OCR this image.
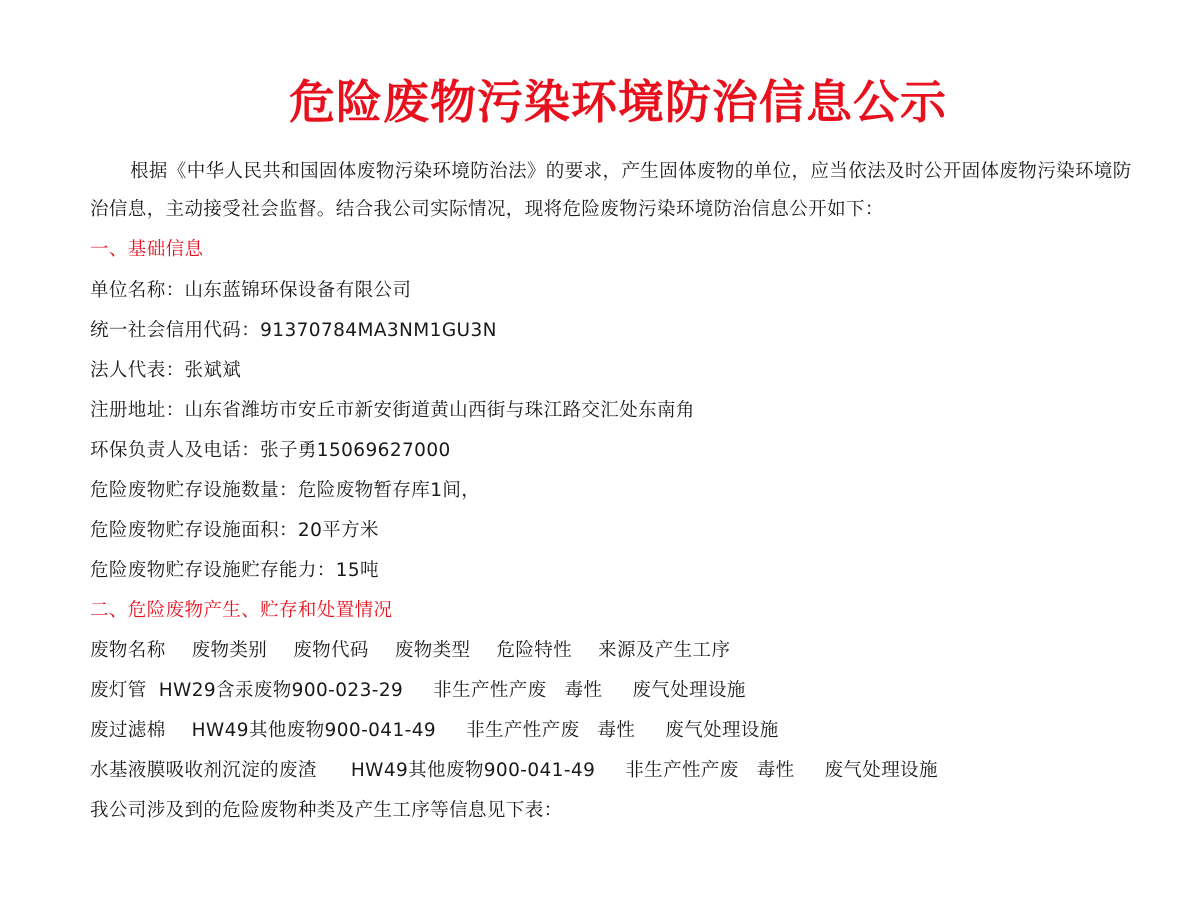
危险废物污染环境防治信息公示
根据《中华人民共和国固体废物污染环境防治法》的要求，产生固体废物的单位，应当依法及时公开固体废物污染环境防治信息，主动接受社会监督。结合我公司实际情况，现将危险废物污染环境防治信息公开如下：
一、基础信息
单位名称：山东蓝锦环保设备有限公司
统一社会信用代码：91370784MA3NM1GU3N
法人代表：张斌斌
注册地址：山东省潍坊市安丘市新安街道黄山西街与珠江路交汇处东南角
环保负责人及电话：张子勇15069627000
危险废物贮存设施数量：危险废物暂存库1间，
危险废物贮存设施面积：20平方米
危险废物贮存设施贮存能力：15吨
二、危险废物产生、贮存和处置情况
废物名称 废物类别 废物代码 废物类型 危险特性 来源及产生工序
废灯管 HW29含汞废物900-023-29 非生产性产废 毒性 废气处理设施
废过滤棉 HW49其他废物900-041-49 非生产性产废 毒性 废气处理设施
水基液膜吸收剂沉淀的废渣 HW49其他废物900-041-49 非生产性产废 毒性 废气处理设施
我公司涉及到的危险废物种类及产生工序等信息见下表：
